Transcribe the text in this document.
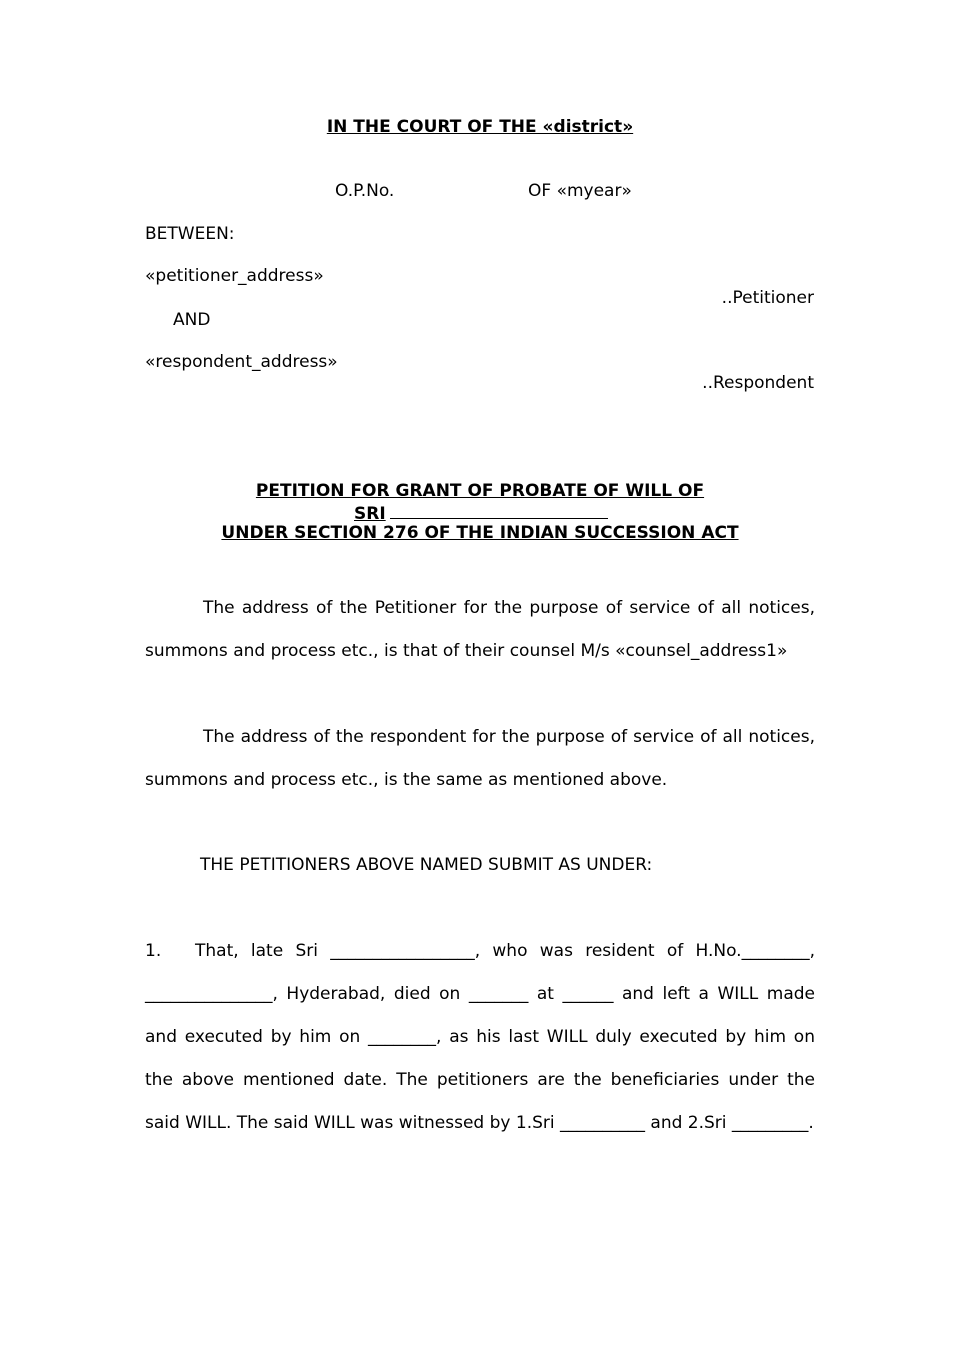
IN THE COURT OF THE «district»
O.P.No.	OF «myear»
BETWEEN:
«petitioner_address»
..Petitioner
AND
«respondent_address»
..Respondent
PETITION FOR GRANT OF PROBATE OF WILL OF
SRI
UNDER SECTION 276 OF THE INDIAN SUCCESSION ACT
The address of the Petitioner for the purpose of service of all notices, summons and process etc., is that of their counsel M/s «counsel_address1»
The address of the respondent for the purpose of service of all notices, summons and process etc., is the same as mentioned above.
THE PETITIONERS ABOVE NAMED SUBMIT AS UNDER:
1. That, late Sri _________________, who was resident of H.No.________, _______________, Hyderabad, died on _______ at ______ and left a WILL made and executed by him on ________, as his last WILL duly executed by him on the above mentioned date. The petitioners are the beneficiaries under the said WILL. The said WILL was witnessed by 1.Sri __________ and 2.Sri _________.
